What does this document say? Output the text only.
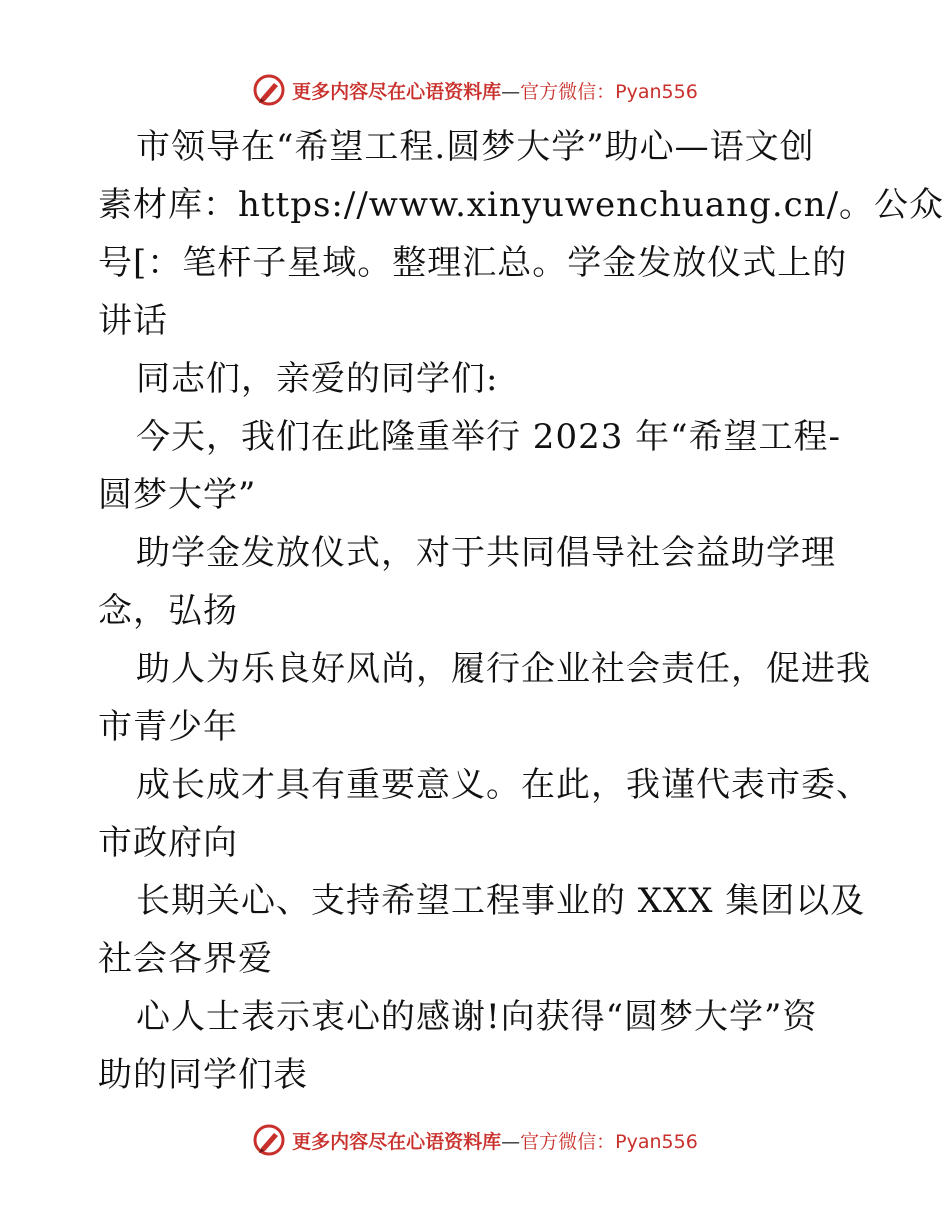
更多内容尽在心语资料库—官方微信：Pyan556
市领导在“希望工程.圆梦大学”助心—语文创
素材库：https://www.xinyuwenchuang.cn/。公众
号[：笔杆子星域。整理汇总。学金发放仪式上的
讲话
同志们，亲爱的同学们:
今天，我们在此隆重举行 2023 年“希望工程-
圆梦大学”
助学金发放仪式，对于共同倡导社会益助学理
念，弘扬
助人为乐良好风尚，履行企业社会责任，促进我
市青少年
成长成才具有重要意义。在此，我谨代表市委、
市政府向
长期关心、支持希望工程事业的 XXX 集团以及
社会各界爱
心人士表示衷心的感谢!向获得“圆梦大学”资
助的同学们表
更多内容尽在心语资料库—官方微信：Pyan556
